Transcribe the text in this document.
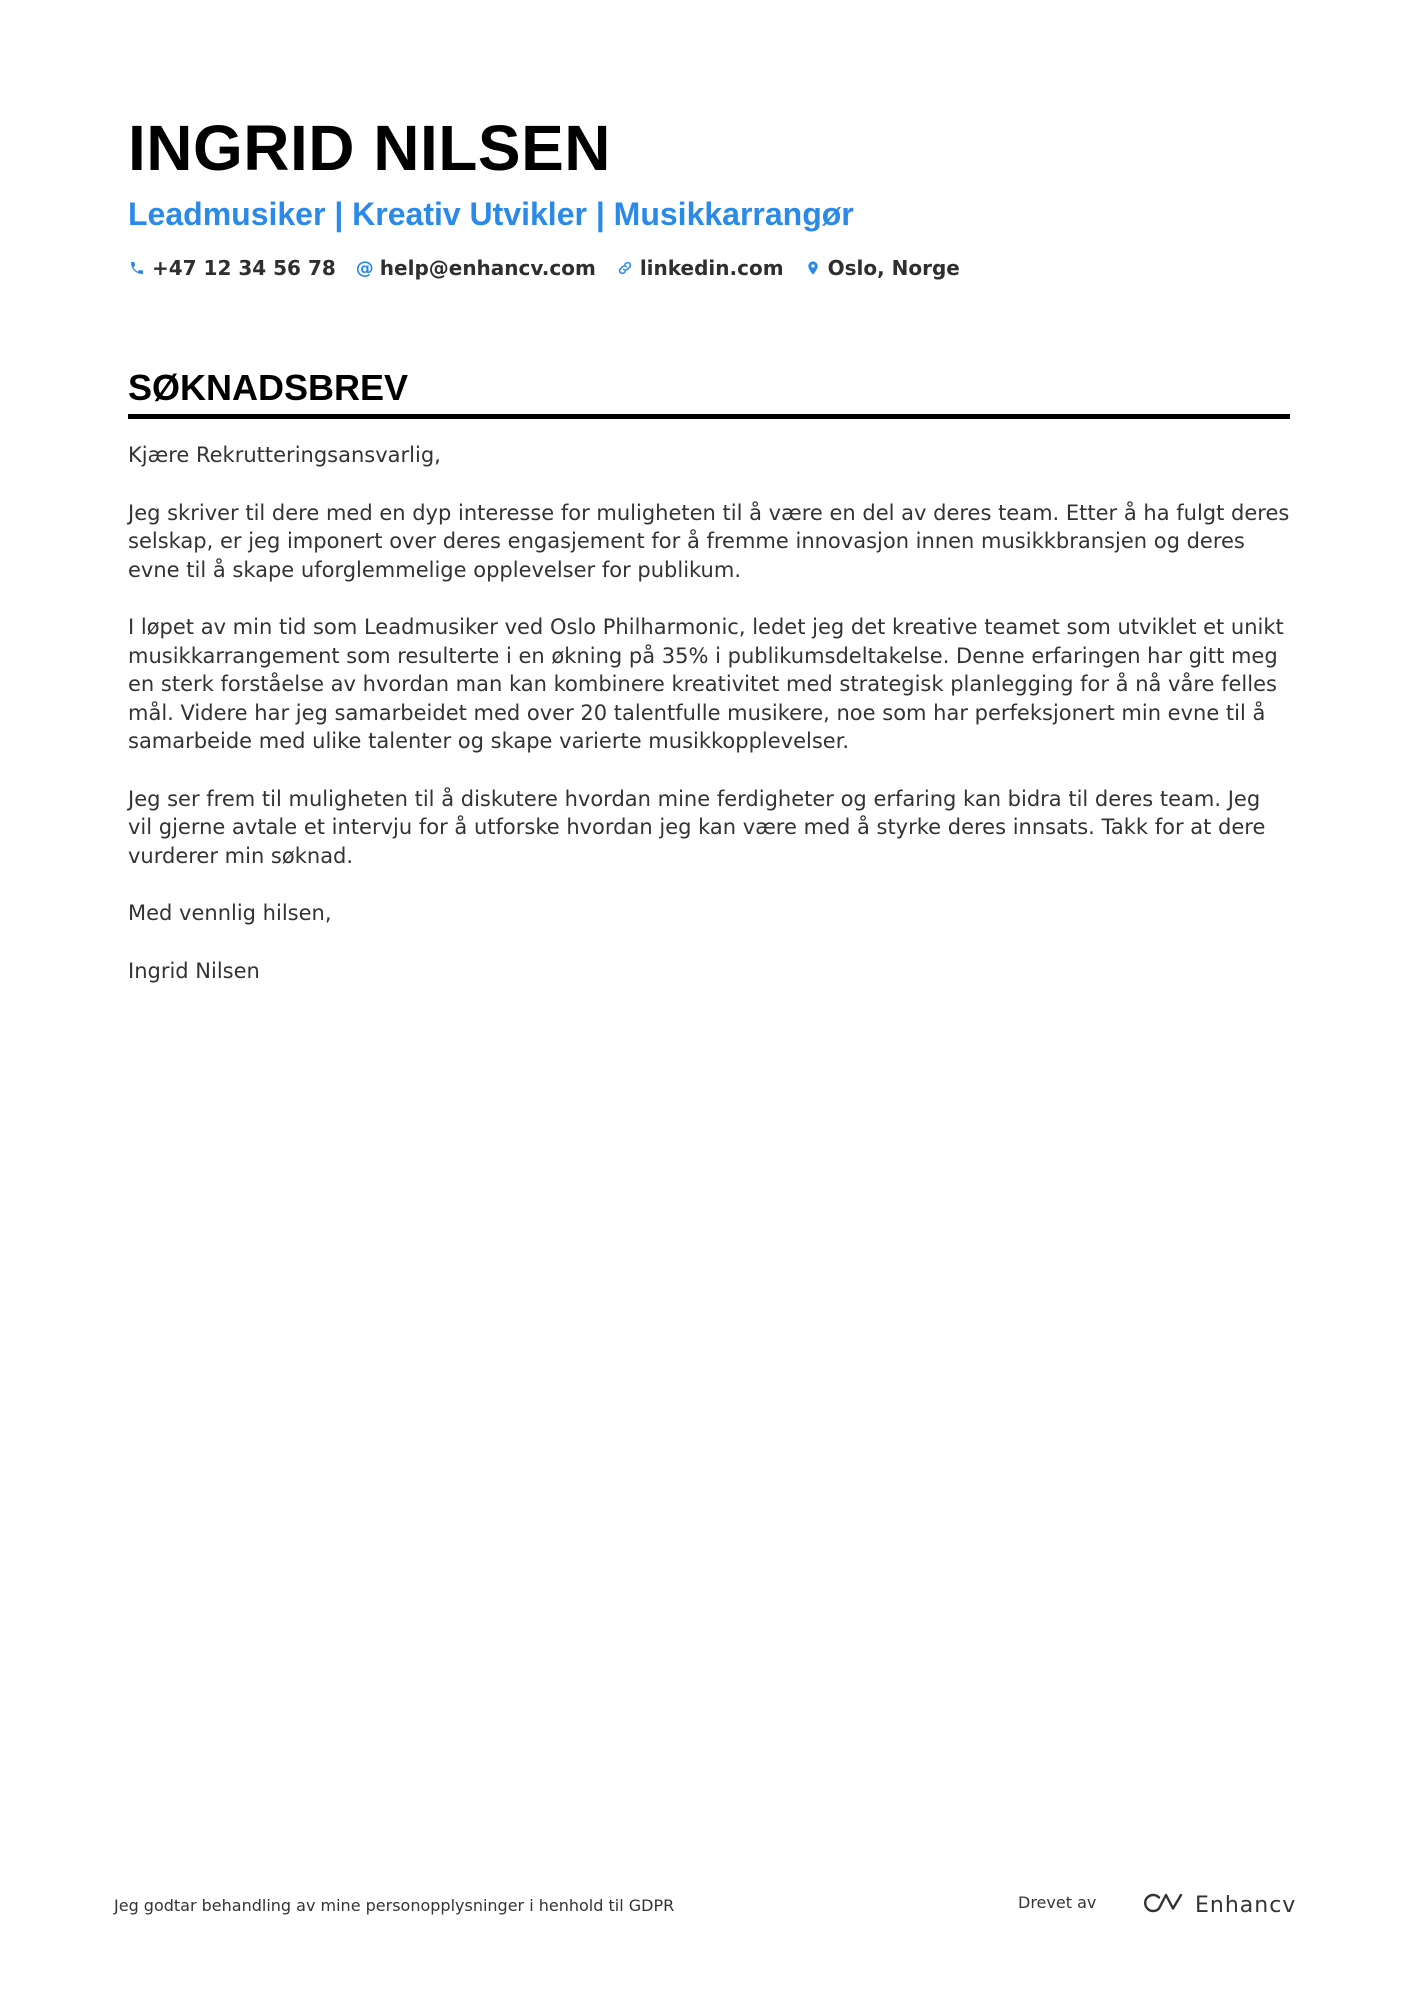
INGRID NILSEN
Leadmusiker | Kreativ Utvikler | Musikkarrangør
+47 12 34 56 78 @ help@enhancv.com linkedin.com Oslo, Norge
SØKNADSBREV

Kjære Rekrutteringsansvarlig,

Jeg skriver til dere med en dyp interesse for muligheten til å være en del av deres team. Etter å ha fulgt deres selskap, er jeg imponert over deres engasjement for å fremme innovasjon innen musikkbransjen og deres evne til å skape uforglemmelige opplevelser for publikum.

I løpet av min tid som Leadmusiker ved Oslo Philharmonic, ledet jeg det kreative teamet som utviklet et unikt musikkarrangement som resulterte i en økning på 35% i publikumsdeltakelse. Denne erfaringen har gitt meg en sterk forståelse av hvordan man kan kombinere kreativitet med strategisk planlegging for å nå våre felles mål. Videre har jeg samarbeidet med over 20 talentfulle musikere, noe som har perfeksjonert min evne til å samarbeide med ulike talenter og skape varierte musikkopplevelser.

Jeg ser frem til muligheten til å diskutere hvordan mine ferdigheter og erfaring kan bidra til deres team. Jeg vil gjerne avtale et intervju for å utforske hvordan jeg kan være med å styrke deres innsats. Takk for at dere vurderer min søknad.

Med vennlig hilsen,

Ingrid Nilsen

Jeg godtar behandling av mine personopplysninger i henhold til GDPR	Drevet av	Enhancv
